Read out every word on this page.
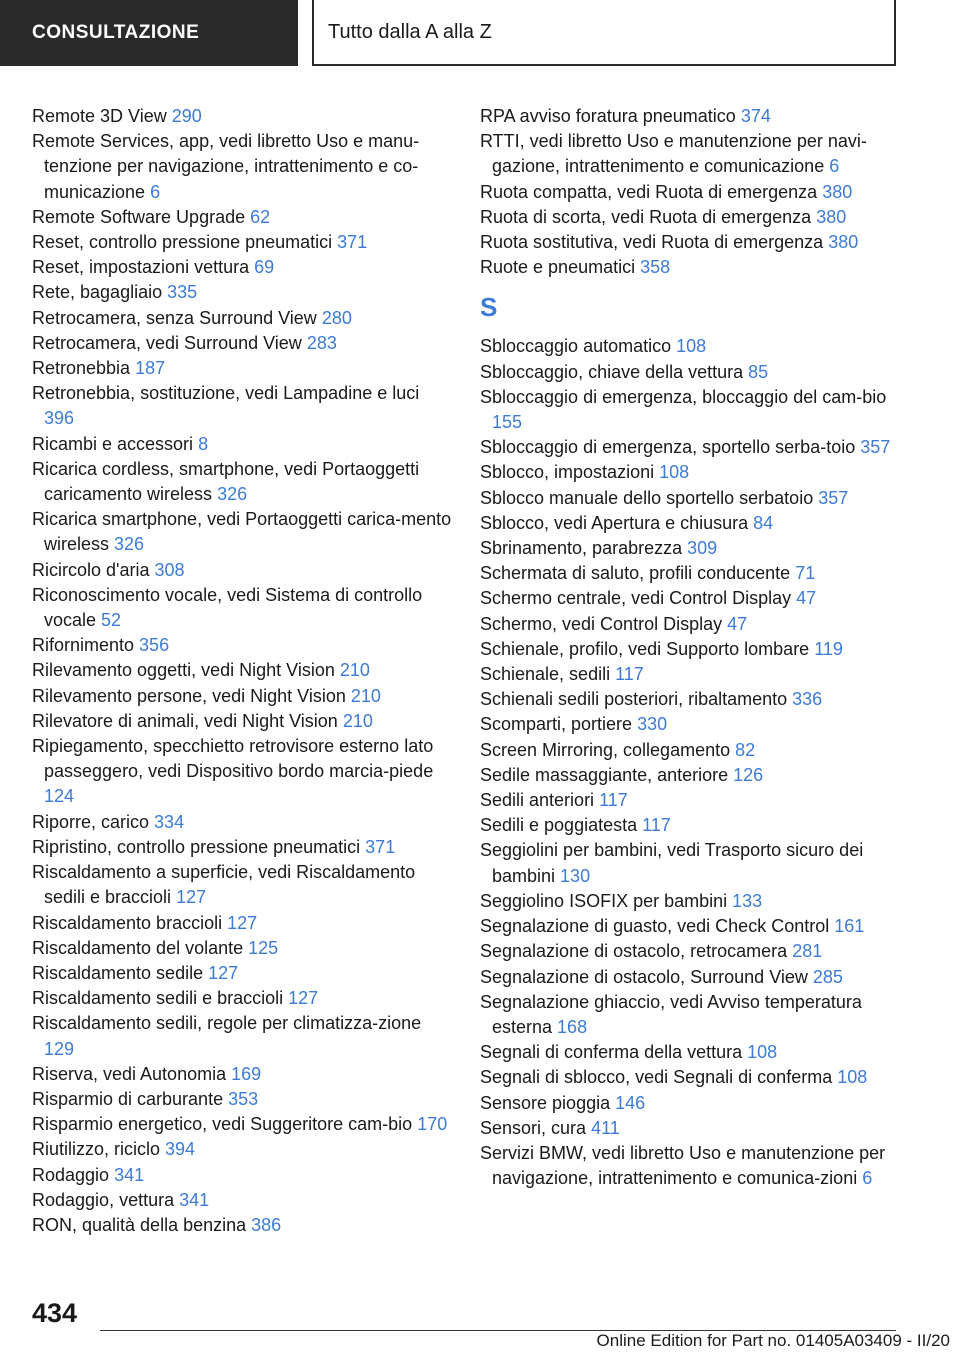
CONSULTAZIONE	Tutto dalla A alla Z

Remote 3D View 290

Remote Services, app, vedi libretto Uso e manu-tenzione per navigazione, intrattenimento e co-municazione 6

Remote Software Upgrade 62

Reset, controllo pressione pneumatici 371

Reset, impostazioni vettura 69

Rete, bagagliaio 335

Retrocamera, senza Surround View 280

Retrocamera, vedi Surround View 283

Retronebbia 187

Retronebbia, sostituzione, vedi Lampadine e luci 396

Ricambi e accessori 8

Ricarica cordless, smartphone, vedi Portaoggetti caricamento wireless 326

Ricarica smartphone, vedi Portaoggetti carica-mento wireless 326

Ricircolo d'aria 308

Riconoscimento vocale, vedi Sistema di controllo vocale 52

Rifornimento 356

Rilevamento oggetti, vedi Night Vision 210

Rilevamento persone, vedi Night Vision 210

Rilevatore di animali, vedi Night Vision 210

Ripiegamento, specchietto retrovisore esterno lato passeggero, vedi Dispositivo bordo marcia-piede 124

Riporre, carico 334

Ripristino, controllo pressione pneumatici 371

Riscaldamento a superficie, vedi Riscaldamento sedili e braccioli 127

Riscaldamento braccioli 127

Riscaldamento del volante 125

Riscaldamento sedile 127

Riscaldamento sedili e braccioli 127

Riscaldamento sedili, regole per climatizza-zione 129

Riserva, vedi Autonomia 169

Risparmio di carburante 353

Risparmio energetico, vedi Suggeritore cam-bio 170

Riutilizzo, riciclo 394

Rodaggio 341

Rodaggio, vettura 341

RON, qualità della benzina 386

RPA avviso foratura pneumatico 374

RTTI, vedi libretto Uso e manutenzione per navi-gazione, intrattenimento e comunicazione 6

Ruota compatta, vedi Ruota di emergenza 380

Ruota di scorta, vedi Ruota di emergenza 380

Ruota sostitutiva, vedi Ruota di emergenza 380

Ruote e pneumatici 358

S

Sbloccaggio automatico 108

Sbloccaggio, chiave della vettura 85

Sbloccaggio di emergenza, bloccaggio del cam-bio 155

Sbloccaggio di emergenza, sportello serba-toio 357

Sblocco, impostazioni 108

Sblocco manuale dello sportello serbatoio 357

Sblocco, vedi Apertura e chiusura 84

Sbrinamento, parabrezza 309

Schermata di saluto, profili conducente 71

Schermo centrale, vedi Control Display 47

Schermo, vedi Control Display 47

Schienale, profilo, vedi Supporto lombare 119

Schienale, sedili 117

Schienali sedili posteriori, ribaltamento 336

Scomparti, portiere 330

Screen Mirroring, collegamento 82

Sedile massaggiante, anteriore 126

Sedili anteriori 117

Sedili e poggiatesta 117

Seggiolini per bambini, vedi Trasporto sicuro dei bambini 130

Seggiolino ISOFIX per bambini 133

Segnalazione di guasto, vedi Check Control 161

Segnalazione di ostacolo, retrocamera 281

Segnalazione di ostacolo, Surround View 285

Segnalazione ghiaccio, vedi Avviso temperatura esterna 168

Segnali di conferma della vettura 108

Segnali di sblocco, vedi Segnali di conferma 108

Sensore pioggia 146

Sensori, cura 411

Servizi BMW, vedi libretto Uso e manutenzione per navigazione, intrattenimento e comunica-zioni 6

434
Online Edition for Part no. 01405A03409 - II/20
